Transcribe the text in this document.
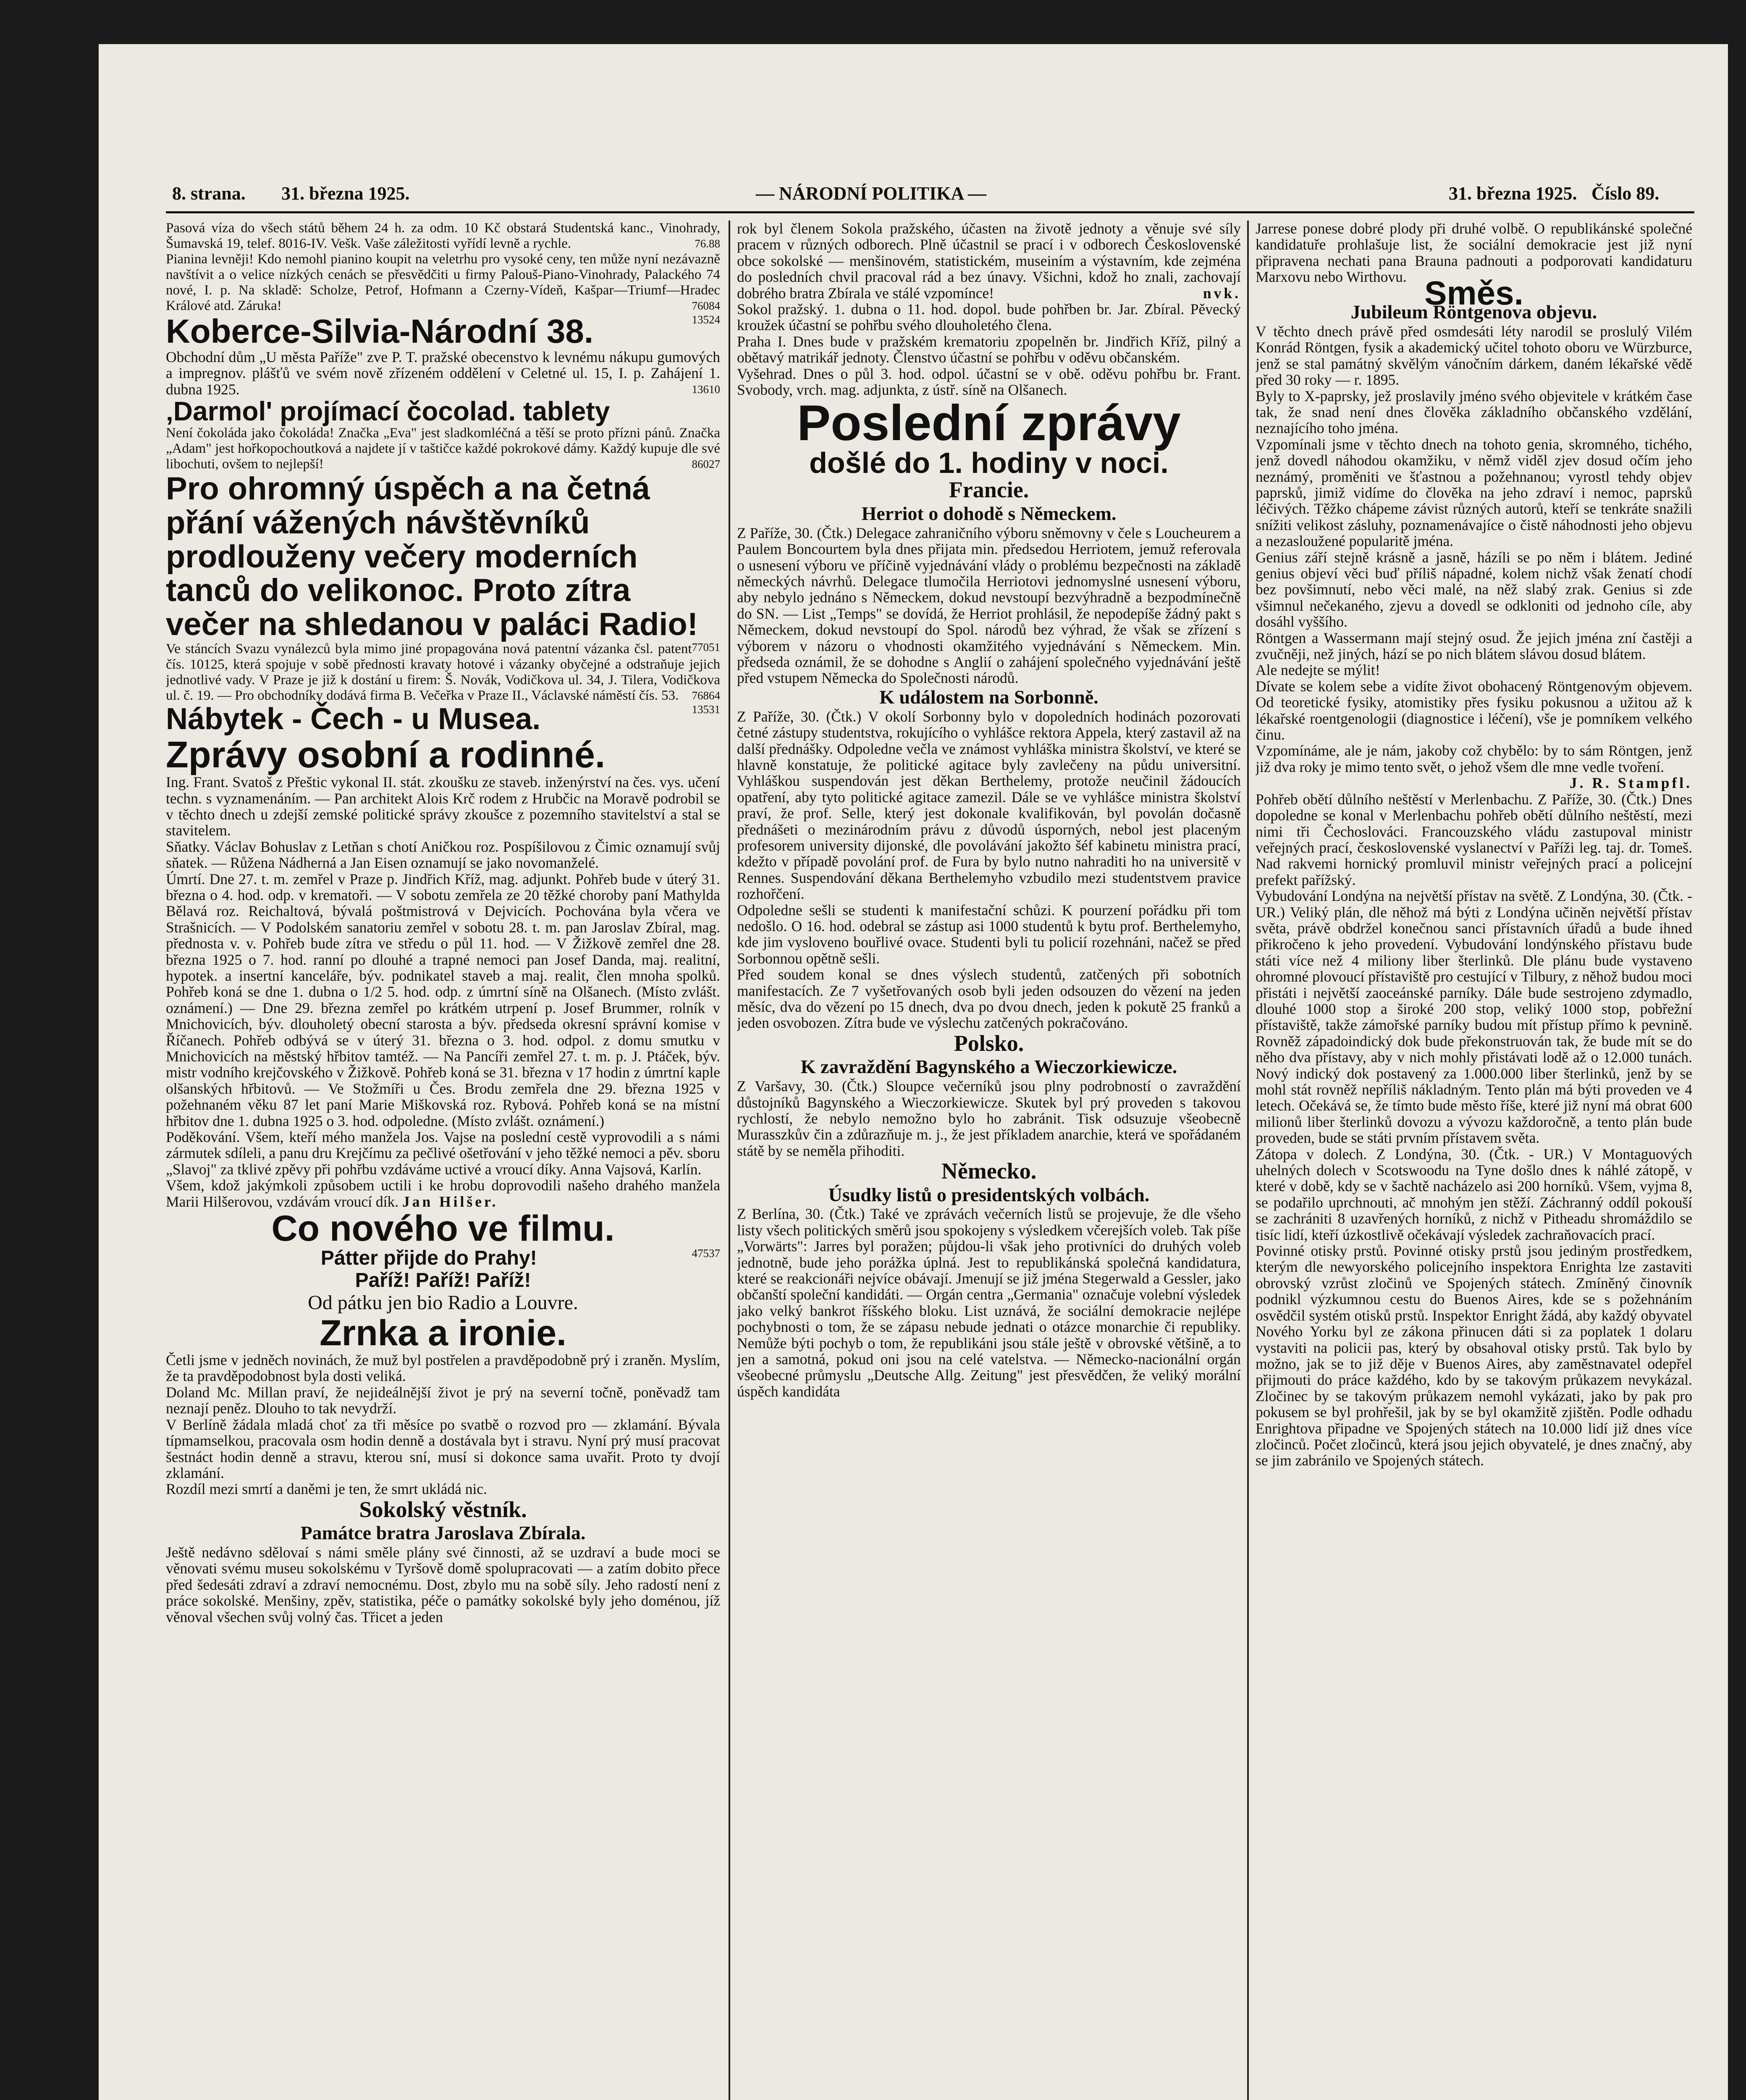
8. strana. 31. března 1925.	— NÁRODNÍ POLITIKA —	31. března 1925. Číslo 89.

Pasová víza do všech států během 24 h. za odm. 10 Kč obstará Studentská kanc., Vinohrady, Šumavská 19, telef. 8016-IV. Vešk. Vaše záležitosti vyřídí levně a rychle.	76.88

Pianina levněji! Kdo nemohl pianino koupit na veletrhu pro vysoké ceny, ten může nyní nezávazně navštívit a o velice nízkých cenách se přesvědčiti u firmy Palouš-Piano-Vinohrady, Palackého 74 nové, I. p. Na skladě: Scholze, Petrof, Hofmann a Czerny-Vídeň, Kašpar—Triumf—Hradec Králové atd. Záruka!	76084

Koberce-Silvia-Národní 38.	13524

Obchodní dům „U města Paříže" zve P. T. pražské obecenstvo k levnému nákupu gumových a impregnov. plášťů ve svém nově zřízeném oddělení v Celetné ul. 15, I. p. Zahájení 1. dubna 1925.	13610

‚Darmol' projímací čocolad. tablety

Není čokoláda jako čokoláda! Značka „Eva" jest sladkomléčná a těší se proto přízni pánů. Značka „Adam" jest hořkopochoutková a najdete jí v taštičce každé pokrokové dámy. Každý kupuje dle své libochuti, ovšem to nejlepší!	86027

Pro ohromný úspěch a na četná přání vážených návštěvníků prodlouženy večery moderních tanců do velikonoc. Proto zítra večer na shledanou v paláci Radio!
77051

Ve stáncích Svazu vynálezců byla mimo jiné propagována nová patentní vázanka čsl. patent čís. 10125, která spojuje v sobě přednosti kravaty hotové i vázanky obyčejné a odstraňuje jejich jednotlivé vady. V Praze je již k dostání u firem: Š. Novák, Vodičkova ul. 34, J. Tilera, Vodičkova ul. č. 19. — Pro obchodníky dodává firma B. Večeřka v Praze II., Václavské náměstí čís. 53. 76864

Nábytek - Čech - u Musea.	13531

Zprávy osobní a rodinné.

Ing. Frant. Svatoš z Přeštic vykonal II. stát. zkoušku ze staveb. inženýrství na čes. vys. učení techn. s vyznamenáním. — Pan architekt Alois Krč rodem z Hrubčic na Moravě podrobil se v těchto dnech u zdejší zemské politické správy zkoušce z pozemního stavitelství a stal se stavitelem.

Sňatky. Václav Bohuslav z Letňan s chotí Aničkou roz. Pospíšilovou z Čimic oznamují svůj sňatek. — Růžena Nádherná a Jan Eisen oznamují se jako novomanželé.

Úmrtí. Dne 27. t. m. zemřel v Praze p. Jindřich Kříž, mag. adjunkt. Pohřeb bude v úterý 31. března o 4. hod. odp. v krematoři. — V sobotu zemřela ze 20 těžké choroby paní Mathylda Bělavá roz. Reichaltová, bývalá poštmistrová v Dejvicích. Pochována byla včera ve Strašnicích. — V Podolském sanatoriu zemřel v sobotu 28. t. m. pan Jaroslav Zbíral, mag. přednosta v. v. Pohřeb bude zítra ve středu o půl 11. hod. — V Žižkově zemřel dne 28. března 1925 o 7. hod. ranní po dlouhé a trapné nemoci pan Josef Danda, maj. realitní, hypotek. a insertní kanceláře, býv. podnikatel staveb a maj. realit, člen mnoha spolků. Pohřeb koná se dne 1. dubna o 1/2 5. hod. odp. z úmrtní síně na Olšanech. (Místo zvlášt. oznámení.) — Dne 29. března zemřel po krátkém utrpení p. Josef Brummer, rolník v Mnichovicích, býv. dlouholetý obecní starosta a býv. předseda okresní správní komise v Říčanech. Pohřeb odbývá se v úterý 31. března o 3. hod. odpol. z domu smutku v Mnichovicích na městský hřbitov tamtéž. — Na Pancíři zemřel 27. t. m. p. J. Ptáček, býv. mistr vodního krejčovského v Žižkově. Pohřeb koná se 31. března v 17 hodin z úmrtní kaple olšanských hřbitovů. — Ve Stožmíři u Čes. Brodu zemřela dne 29. března 1925 v požehnaném věku 87 let paní Marie Miškovská roz. Rybová. Pohřeb koná se na místní hřbitov dne 1. dubna 1925 o 3. hod. odpoledne. (Místo zvlášt. oznámení.)

Poděkování. Všem, kteří mého manžela Jos. Vajse na poslední cestě vyprovodili a s námi zármutek sdíleli, a panu dru Krejčímu za pečlivé ošetřování v jeho těžké nemoci a pěv. sboru „Slavoj" za tklivé zpěvy při pohřbu vzdáváme uctivé a vroucí díky. Anna Vajsová, Karlín.

Všem, kdož jakýmkoli způsobem uctili i ke hrobu doprovodili našeho drahého manžela Marii Hilšerovou, vzdávám vroucí dík. Jan Hilšer.

Co nového ve filmu.

Pátter přijde do Prahy!	47537

Paříž! Paříž! Paříž!

Od pátku jen bio Radio a Louvre.

Zrnka a ironie.

Četli jsme v jedněch novinách, že muž byl postřelen a pravděpodobně prý i zraněn. Myslím, že ta pravděpodobnost byla dosti veliká.

Doland Mc. Millan praví, že nejideálnější život je prý na severní točně, poněvadž tam neznají peněz. Dlouho to tak nevydrží.

V Berlíně žádala mladá choť za tři měsíce po svatbě o rozvod pro — zklamání. Bývala típmamselkou, pracovala osm hodin denně a dostávala byt i stravu. Nyní prý musí pracovat šestnáct hodin denně a stravu, kterou sní, musí si dokonce sama uvařit. Proto ty dvojí zklamání.

Rozdíl mezi smrtí a daněmi je ten, že smrt ukládá nic.

Sokolský věstník.

Památce bratra Jaroslava Zbírala.

Ještě nedávno sdělovaí s námi směle plány své činnosti, až se uzdraví a bude moci se věnovati svému museu sokolskému v Tyršově domě spolupracovati — a zatím dobito přece před šedesáti zdraví a zdraví nemocnému. Dost, zbylo mu na sobě síly. Jeho radostí není z práce sokolské. Menšiny, zpěv, statistika, péče o památky sokolské byly jeho doménou, jíž věnoval všechen svůj volný čas. Třicet a jeden

rok byl členem Sokola pražského, účasten na životě jednoty a věnuje své síly pracem v různých odborech. Plně účastnil se prací i v odborech Československé obce sokolské — menšinovém, statistickém, museiním a výstavním, kde zejména do posledních chvil pracoval rád a bez únavy. Všichni, kdož ho znali, zachovají dobrého bratra Zbírala ve stálé vzpomínce!	nvk.

Sokol pražský. 1. dubna o 11. hod. dopol. bude pohřben br. Jar. Zbíral. Pěvecký kroužek účastní se pohřbu svého dlouholetého člena.

Praha I. Dnes bude v pražském krematoriu zpopelněn br. Jindřich Kříž, pilný a obětavý matrikář jednoty. Členstvo účastní se pohřbu v oděvu občanském.

Vyšehrad. Dnes o půl 3. hod. odpol. účastní se v obě. oděvu pohřbu br. Frant. Svobody, vrch. mag. adjunkta, z ústř. síně na Olšanech.

Poslední zprávy

došlé do 1. hodiny v noci.

Francie.

Herriot o dohodě s Německem.

Z Paříže, 30. (Čtk.) Delegace zahraničního výboru sněmovny v čele s Loucheurem a Paulem Boncourtem byla dnes přijata min. předsedou Herriotem, jemuž referovala o usnesení výboru ve příčině vyjednávání vlády o problému bezpečnosti na základě německých návrhů. Delegace tlumočila Herriotovi jednomyslné usnesení výboru, aby nebylo jednáno s Německem, dokud nevstoupí bezvýhradně a bezpodmínečně do SN. — List „Temps" se dovídá, že Herriot prohlásil, že nepodepíše žádný pakt s Německem, dokud nevstoupí do Spol. národů bez výhrad, že však se zřízení s výborem v názoru o vhodnosti okamžitého vyjednávání s Německem. Min. předseda oznámil, že se dohodne s Anglií o zahájení společného vyjednávání ještě před vstupem Německa do Společnosti národů.

K událostem na Sorbonně.

Z Paříže, 30. (Čtk.) V okolí Sorbonny bylo v dopoledních hodinách pozorovati četné zástupy studentstva, rokujícího o vyhlášce rektora Appela, který zastavil až na další přednášky. Odpoledne večla ve známost vyhláška ministra školství, ve které se hlavně konstatuje, že politické agitace byly zavlečeny na půdu universitní. Vyhláškou suspendován jest děkan Berthelemy, protože neučinil žádoucích opatření, aby tyto politické agitace zamezil. Dále se ve vyhlášce ministra školství praví, že prof. Selle, který jest dokonale kvalifikován, byl povolán dočasně přednášeti o mezinárodním právu z důvodů úsporných, nebol jest placeným profesorem university dijonské, dle povolávání jakožto šéf kabinetu ministra prací, kdežto v případě povolání prof. de Fura by bylo nutno nahraditi ho na universitě v Rennes. Suspendování děkana Berthelemyho vzbudilo mezi studentstvem pravice rozhořčení.

Odpoledne sešli se studenti k manifestační schůzi. K pourzení pořádku při tom nedošlo. O 16. hod. odebral se zástup asi 1000 studentů k bytu prof. Berthelemyho, kde jim vysloveno bouřlivé ovace. Studenti byli tu policií rozehnáni, načež se před Sorbonnou opětně sešli.

Před soudem konal se dnes výslech studentů, zatčených při sobotních manifestacích. Ze 7 vyšetřovaných osob byli jeden odsouzen do vězení na jeden měsíc, dva do vězení po 15 dnech, dva po dvou dnech, jeden k pokutě 25 franků a jeden osvobozen. Zítra bude ve výslechu zatčených pokračováno.

Polsko.

K zavraždění Bagynského a Wieczorkiewicze.

Z Varšavy, 30. (Čtk.) Sloupce večerníků jsou plny podrobností o zavraždění důstojníků Bagynského a Wieczorkiewicze. Skutek byl prý proveden s takovou rychlostí, že nebylo nemožno bylo ho zabránit. Tisk odsuzuje všeobecně Murasszkův čin a zdůrazňuje m. j., že jest příkladem anarchie, která ve spořádaném státě by se neměla přihoditi.

Německo.

Úsudky listů o presidentských volbách.

Z Berlína, 30. (Čtk.) Také ve zprávách večerních listů se projevuje, že dle všeho listy všech politických směrů jsou spokojeny s výsledkem včerejších voleb. Tak píše „Vorwärts": Jarres byl poražen; půjdou-li však jeho protivníci do druhých voleb jednotně, bude jeho porážka úplná. Jest to republikánská společná kandidatura, které se reakcionáři nejvíce obávají. Jmenují se již jména Stegerwald a Gessler, jako občanští společní kandidáti. — Orgán centra „Germania" označuje volební výsledek jako velký bankrot říšského bloku. List uznává, že sociální demokracie nejlépe pochybnosti o tom, že se zápasu nebude jednati o otázce monarchie či republiky. Nemůže býti pochyb o tom, že republikáni jsou stále ještě v obrovské většině, a to jen a samotná, pokud oni jsou na celé vatelstva. — Německo-nacionální orgán všeobecné průmyslu „Deutsche Allg. Zeitung" jest přesvědčen, že veliký morální úspěch kandidáta

Jarrese ponese dobré plody při druhé volbě. O republikánské společné kandidatuře prohlašuje list, že sociální demokracie jest již nyní připravena nechati pana Brauna padnouti a podporovati kandidaturu Marxovu nebo Wirthovu. Směs.

Jubileum Röntgenova objevu.

V těchto dnech právě před osmdesáti léty narodil se proslulý Vilém Konrád Röntgen, fysik a akademický učitel tohoto oboru ve Würzburce, jenž se stal památný skvělým vánočním dárkem, daném lékařské vědě před 30 roky — r. 1895.

Byly to X-paprsky, jež proslavily jméno svého objevitele v krátkém čase tak, že snad není dnes člověka základního občanského vzdělání, neznajícího toho jména.

Vzpomínali jsme v těchto dnech na tohoto genia, skromného, tichého, jenž dovedl náhodou okamžiku, v němž viděl zjev dosud očím jeho neznámý, proměniti ve šťastnou a požehnanou; vyrostl tehdy objev paprsků, jimiž vidíme do člověka na jeho zdraví i nemoc, paprsků léčivých. Těžko chápeme závist různých autorů, kteří se tenkráte snažili snížiti velikost zásluhy, poznamenávajíce o čistě náhodnosti jeho objevu a nezasloužené popularitě jména.

Genius září stejně krásně a jasně, házíli se po něm i blátem. Jediné genius objeví věci buď příliš nápadné, kolem nichž však ženatí chodí bez povšimnutí, nebo věci malé, na něž slabý zrak. Genius si zde všimnul nečekaného, zjevu a dovedl se odkloniti od jednoho cíle, aby dosáhl vyššího.

Röntgen a Wassermann mají stejný osud. Že jejich jména zní častěji a zvučněji, než jiných, hází se po nich blátem slávou dosud blátem.

Ale nedejte se mýlit!

Dívate se kolem sebe a vidíte život obohacený Röntgenovým objevem. Od teoretické fysiky, atomistiky přes fysiku pokusnou a užitou až k lékařské roentgenologii (diagnostice i léčení), vše je pomníkem velkého činu.

Vzpomínáme, ale je nám, jakoby což chybělo: by to sám Röntgen, jenž již dva roky je mimo tento svět, o jehož všem dle mne vedle tvoření.

J. R. Stampfl.

Pohřeb obětí důlního neštěstí v Merlenbachu. Z Paříže, 30. (Čtk.) Dnes dopoledne se konal v Merlenbachu pohřeb obětí důlního neštěstí, mezi nimi tři Čechoslováci. Francouzského vládu zastupoval ministr veřejných prací, československé vyslanectví v Paříži leg. taj. dr. Tomeš. Nad rakvemi hornický promluvil ministr veřejných prací a policejní prefekt pařížský.

Vybudování Londýna na největší přístav na světě. Z Londýna, 30. (Čtk. - UR.) Veliký plán, dle něhož má býti z Londýna učiněn největší přístav světa, právě obdržel konečnou sanci přístavních úřadů a bude ihned přikročeno k jeho provedení. Vybudování londýnského přístavu bude státi více než 4 miliony liber šterlinků. Dle plánu bude vystaveno ohromné plovoucí přístaviště pro cestující v Tilbury, z něhož budou moci přistáti i největší zaoceánské parníky. Dále bude sestrojeno zdymadlo, dlouhé 1000 stop a široké 200 stop, veliký 1000 stop, pobřežní přístaviště, takže zámořské parníky budou mít přístup přímo k pevnině. Rovněž západoindický dok bude překonstruován tak, že bude mít se do něho dva přístavy, aby v nich mohly přistávati lodě až o 12.000 tunách. Nový indický dok postavený za 1.000.000 liber šterlinků, jenž by se mohl stát rovněž nepříliš nákladným. Tento plán má býti proveden ve 4 letech. Očekává se, že tímto bude město říše, které již nyní má obrat 600 milionů liber šterlinků dovozu a vývozu každoročně, a tento plán bude proveden, bude se státi prvním přístavem světa.

Zátopa v dolech. Z Londýna, 30. (Čtk. - UR.) V Montaguových uhelných dolech v Scotswoodu na Tyne došlo dnes k náhlé zátopě, v které v době, kdy se v šachtě nacházelo asi 200 horníků. Všem, vyjma 8, se podařilo uprchnouti, ač mnohým jen stěží. Záchranný oddíl pokouší se zachrániti 8 uzavřených horníků, z nichž v Pitheadu shromáždilo se tisíc lidí, kteří úzkostlivě očekávají výsledek zachraňovacích prací.

Povinné otisky prstů. Povinné otisky prstů jsou jediným prostředkem, kterým dle newyorského policejního inspektora Enrighta lze zastaviti obrovský vzrůst zločinů ve Spojených státech. Zmíněný činovník podnikl výzkumnou cestu do Buenos Aires, kde se s požehnáním osvědčil systém otisků prstů. Inspektor Enright žádá, aby každý obyvatel Nového Yorku byl ze zákona přinucen dáti si za poplatek 1 dolaru vystaviti na policii pas, který by obsahoval otisky prstů. Tak bylo by možno, jak se to již děje v Buenos Aires, aby zaměstnavatel odepřel přijmouti do práce každého, kdo by se takovým průkazem nevykázal. Zločinec by se takovým průkazem nemohl vykázati, jako by pak pro pokusem se byl prohřešil, jak by se byl okamžitě zjištěn. Podle odhadu Enrightova připadne ve Spojených státech na 10.000 lidí již dnes více zločinců. Počet zločinců, která jsou jejich obyvatelé, je dnes značný, aby se jim zabránilo ve Spojených státech.
